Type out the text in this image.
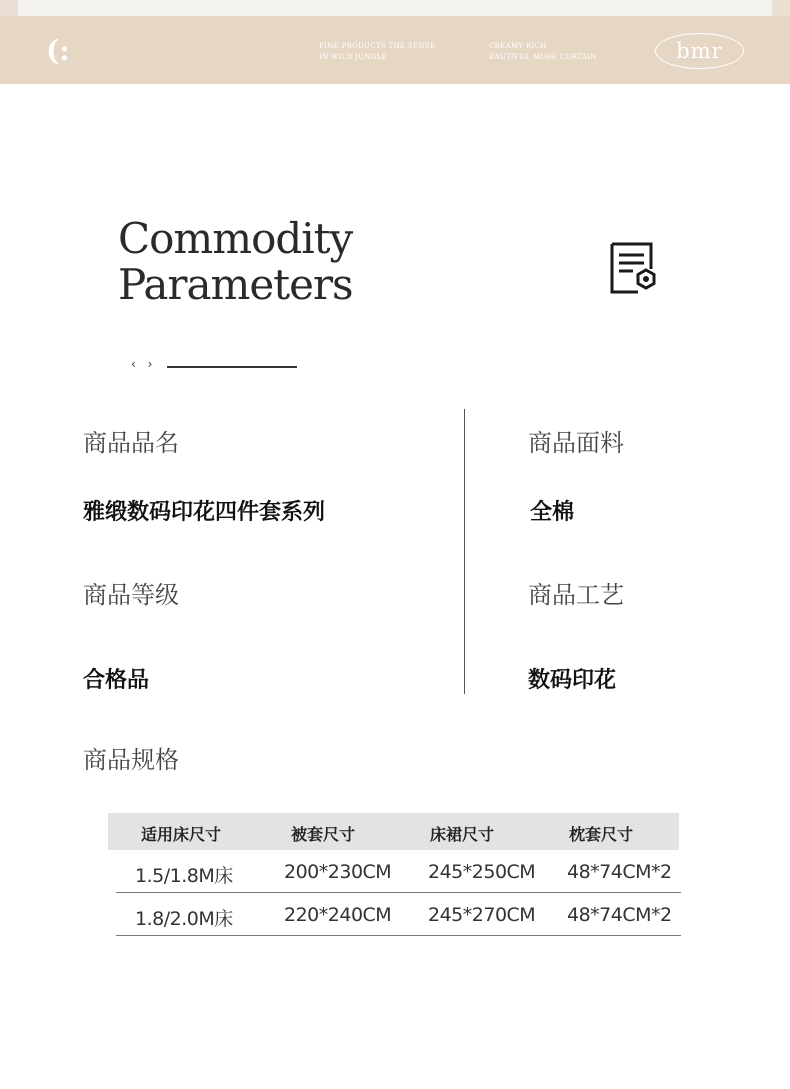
(:	FINE PRODUCTS THE SENSE
IN WILD JUNGLE
CREAMY RICH
EAUTIFUL MORE CURTAIN	bmr
Commodity
Parameters
‹ ›
商品品名
雅缎数码印花四件套系列
商品面料
全棉
商品等级
合格品
商品工艺
数码印花
商品规格
适用床尺寸	被套尺寸	床裙尺寸	枕套尺寸
1.5/1.8M床	200*230CM 245*250CM 48*74CM*2
1.8/2.0M床	220*240CM 245*270CM 48*74CM*2
